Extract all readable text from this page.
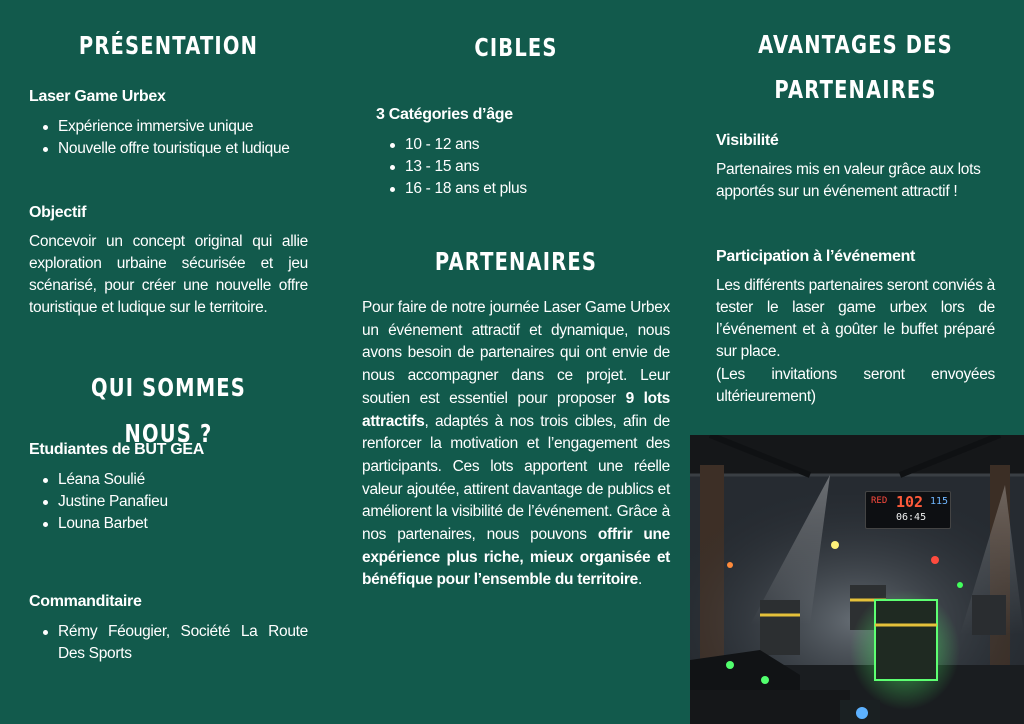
PRÉSENTATION
Laser Game Urbex
Expérience immersive unique
Nouvelle offre touristique et ludique
Objectif

Concevoir un concept original qui allie exploration urbaine sécurisée et jeu scénarisé, pour créer une nouvelle offre touristique et ludique sur le territoire.

QUI SOMMES NOUS ?
Etudiantes de BUT GEA
Léana Soulié
Justine Panafieu
Louna Barbet
Commanditaire
Rémy Féougier, Société La Route Des Sports
CIBLES
3 Catégories d’âge
10 - 12 ans
13 - 15 ans
16 - 18 ans et plus
PARTENAIRES

Pour faire de notre journée Laser Game Urbex un événement attractif et dynamique, nous avons besoin de partenaires qui ont envie de nous accompagner dans ce projet. Leur soutien est essentiel pour proposer 9 lots attractifs, adaptés à nos trois cibles, afin de renforcer la motivation et l’engagement des participants. Ces lots apportent une réelle valeur ajoutée, attirent davantage de publics et améliorent la visibilité de l’événement. Grâce à nos partenaires, nous pouvons offrir une expérience plus riche, mieux organisée et bénéfique pour l’ensemble du territoire.

AVANTAGES DES
PARTENAIRES
Visibilité

Partenaires mis en valeur grâce aux lots apportés sur un événement attractif !

Participation à l’événement

Les différents partenaires seront conviés à tester le laser game urbex lors de l’événement et à goûter le buffet préparé sur place.

(Les invitations seront envoyées ultérieurement)

RED 102 115
06:45
